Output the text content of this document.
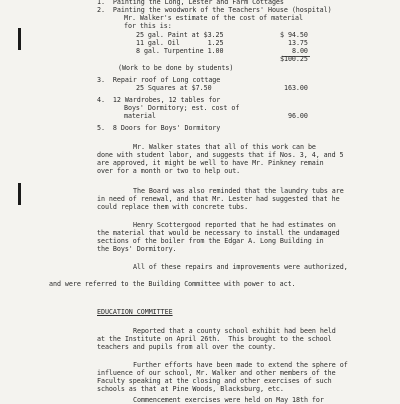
1.  Painting the Long, Lester and Farm Cottages
2.  Painting the woodwork of the Teachers' House (hospital)
Mr. Walker's estimate of the cost of material
for this is:
25 gal. Paint at $3.25	$ 94.50
11 gal. Oil       1.25	13.75
8 gal. Turpentine 1.00	8.00
$100.25
(Work to be done by students)
3.  Repair roof of Long cottage
25 Squares at $7.50	163.00
4.  12 Wardrobes, 12 tables for
Boys' Dormitory; est. cost of
material	96.00
5.  8 Doors for Boys' Dormitory
Mr. Walker states that all of this work can be
done with student labor, and suggests that if Nos. 3, 4, and 5
are approved, it might be well to have Mr. Pinkney remain
over for a month or two to help out.
The Board was also reminded that the laundry tubs are
in need of renewal, and that Mr. Lester had suggested that he
could replace them with concrete tubs.
Henry Scottergood reported that he had estimates on
the material that would be necessary to install the undamaged
sections of the boiler from the Edgar A. Long Building in
the Boys' Dormitory.
All of these repairs and improvements were authorized,
and were referred to the Building Committee with power to act.
EDUCATION COMMITTEE
Reported that a county school exhibit had been held
at the Institute on April 26th.  This brought to the school
teachers and pupils from all over the county.
Further efforts have been made to extend the sphere of
influence of our school, Mr. Walker and other members of the
Faculty speaking at the closing and other exercises of such
schools as that at Pine Woods, Blacksburg, etc.
Commencement exercises were held on May 18th for
